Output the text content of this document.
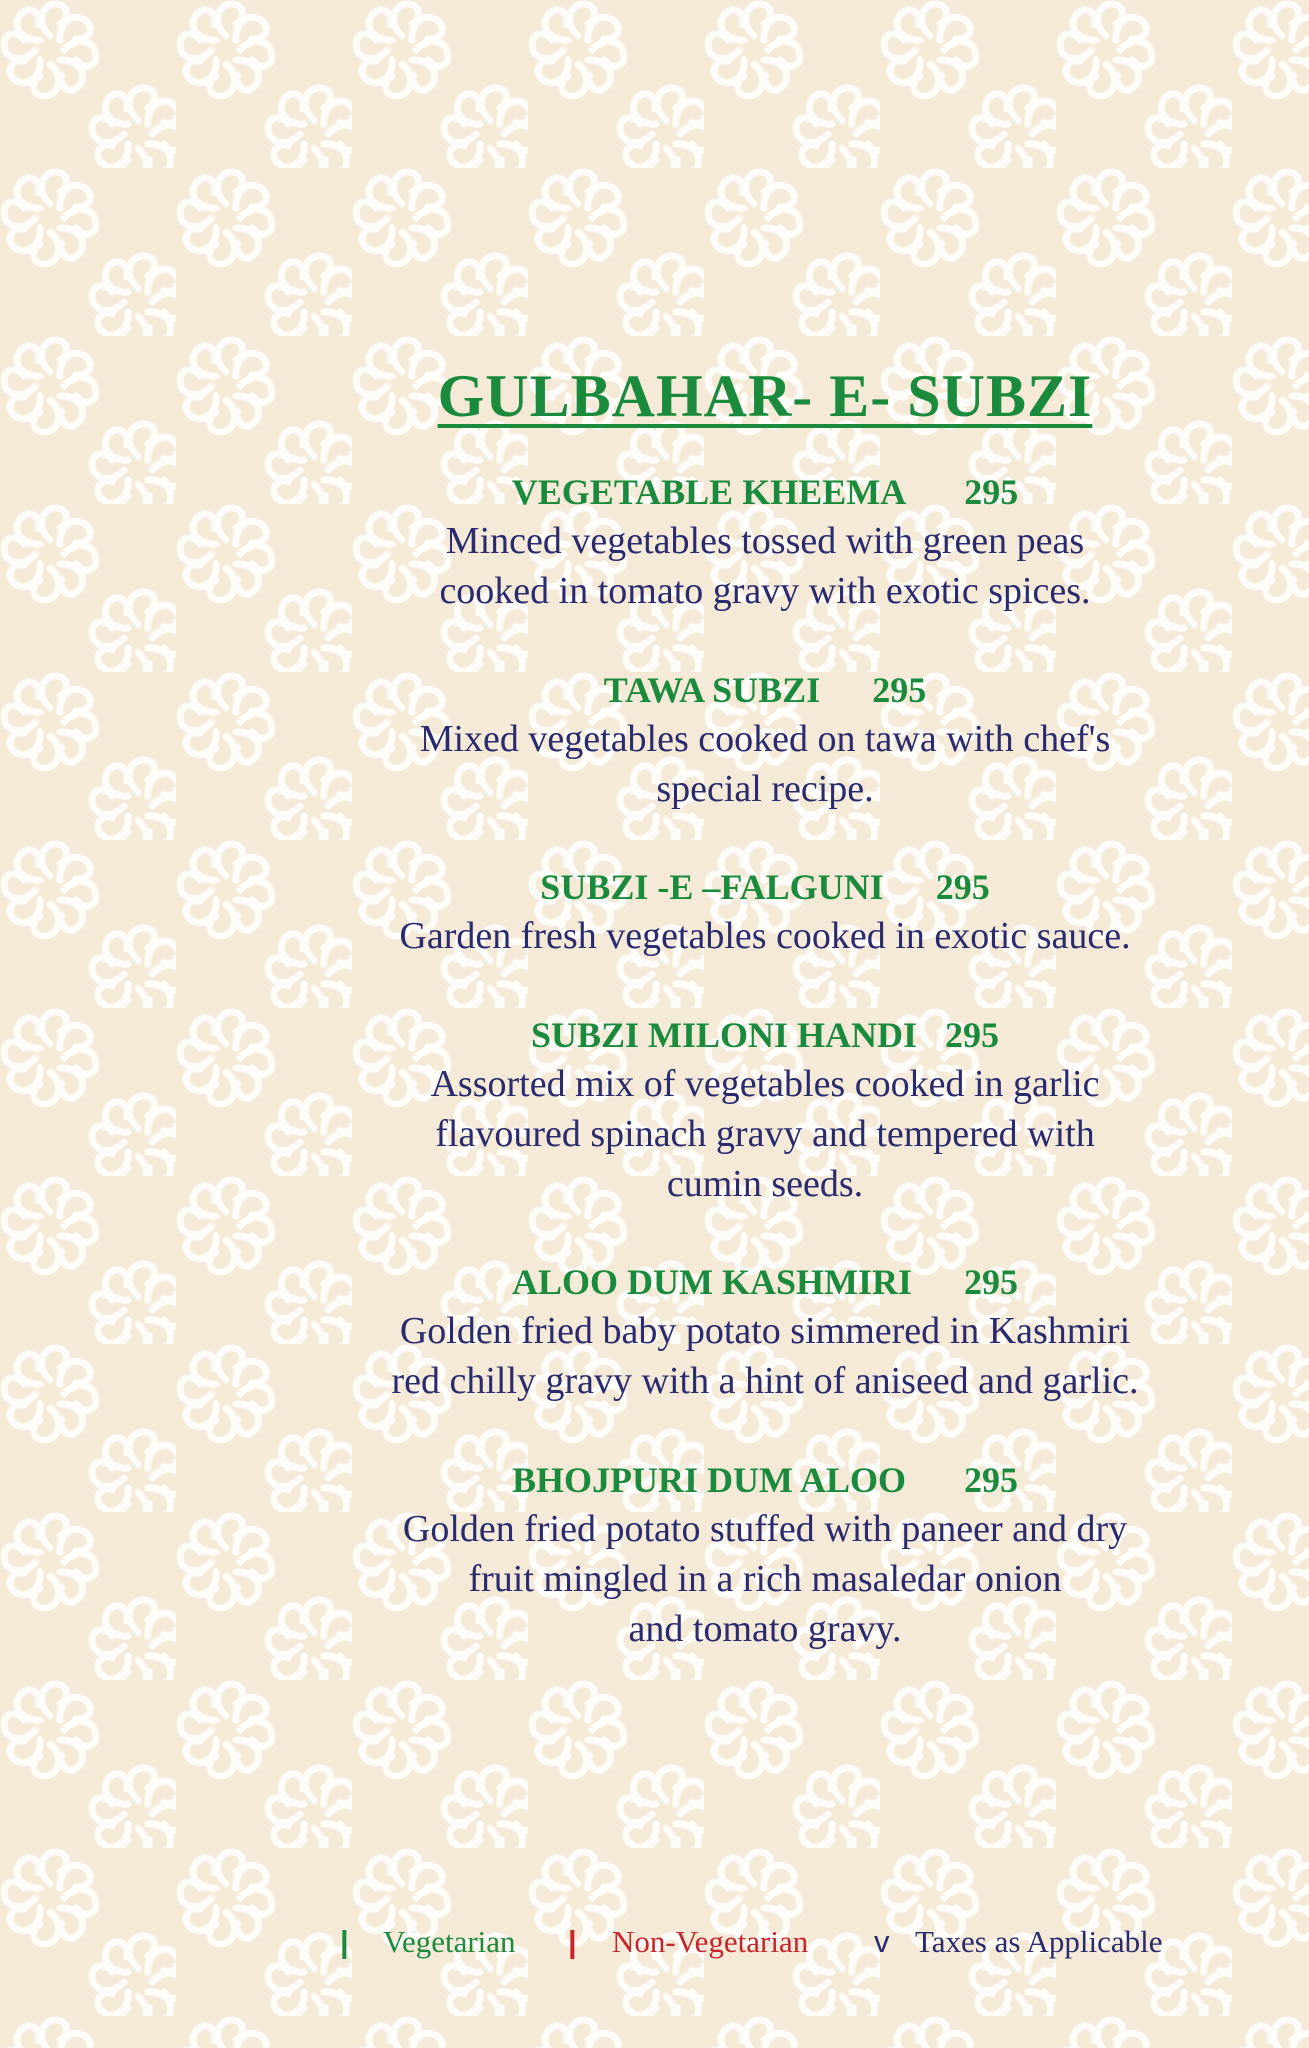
GULBAHAR- E- SUBZI
VEGETABLE KHEEMA 295
Minced vegetables tossed with green peas
cooked in tomato gravy with exotic spices.
TAWA SUBZI 295
Mixed vegetables cooked on tawa with chef's
special recipe.
SUBZI -E –FALGUNI 295
Garden fresh vegetables cooked in exotic sauce.
SUBZI MILONI HANDI 295
Assorted mix of vegetables cooked in garlic
flavoured spinach gravy and tempered with
cumin seeds.
ALOO DUM KASHMIRI 295
Golden fried baby potato simmered in Kashmiri
red chilly gravy with a hint of aniseed and garlic.
BHOJPURI DUM ALOO 295
Golden fried potato stuffed with paneer and dry
fruit mingled in a rich masaledar onion
and tomato gravy.
| Vegetarian | Non-Vegetarian v Taxes as Applicable
